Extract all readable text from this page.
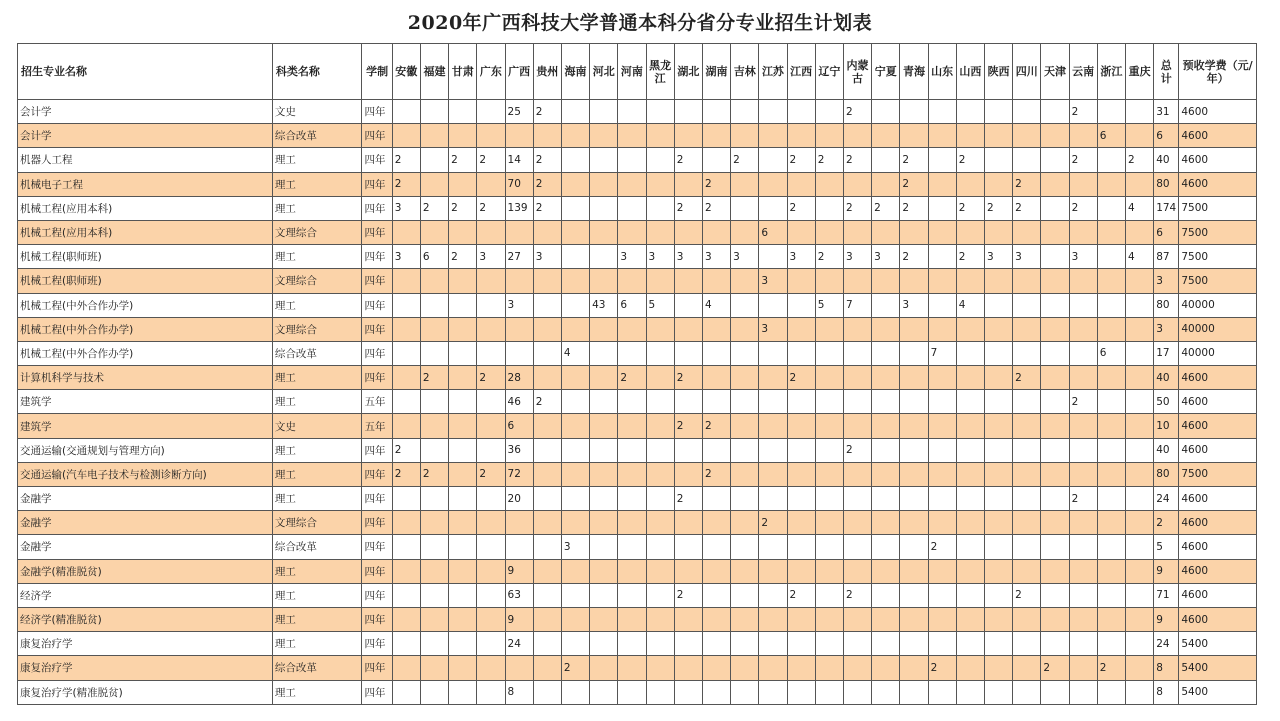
2020年广西科技大学普通本科分省分专业招生计划表
招生专业名称	科类名称	学制	安徽	福建	甘肃	广东	广西	贵州	海南	河北	河南	黑龙江	湖北	湖南	吉林	江苏	江西	辽宁	内蒙古	宁夏	青海	山东	山西	陕西	四川	天津	云南	浙江	重庆	总计	预收学费（元/年）
会计学	文史	四年					25	2											2								2			31	4600
会计学	综合改革	四年																										6		6	4600
机器人工程	理工	四年	2		2	2	14	2					2		2		2	2	2		2		2				2		2	40	4600
机械电子工程	理工	四年	2				70	2						2							2				2					80	4600
机械工程(应用本科)	理工	四年	3	2	2	2	139	2					2	2			2		2	2	2		2	2	2		2		4	174	7500
机械工程(应用本科)	文理综合	四年														6														6	7500
机械工程(职师班)	理工	四年	3	6	2	3	27	3			3	3	3	3	3		3	2	3	3	2		2	3	3		3		4	87	7500
机械工程(职师班)	文理综合	四年														3														3	7500
机械工程(中外合作办学)	理工	四年					3			43	6	5		4				5	7		3		4							80	40000
机械工程(中外合作办学)	文理综合	四年														3														3	40000
机械工程(中外合作办学)	综合改革	四年							4													7						6		17	40000
计算机科学与技术	理工	四年		2		2	28				2		2				2								2					40	4600
建筑学	理工	五年					46	2																			2			50	4600
建筑学	文史	五年					6						2	2																10	4600
交通运输(交通规划与管理方向)	理工	四年	2				36												2											40	4600
交通运输(汽车电子技术与检测诊断方向)	理工	四年	2	2		2	72							2																80	7500
金融学	理工	四年					20						2														2			24	4600
金融学	文理综合	四年														2														2	4600
金融学	综合改革	四年							3													2								5	4600
金融学(精准脱贫)	理工	四年					9																							9	4600
经济学	理工	四年					63						2				2		2						2					71	4600
经济学(精准脱贫)	理工	四年					9																							9	4600
康复治疗学	理工	四年					24																							24	5400
康复治疗学	综合改革	四年							2													2				2		2		8	5400
康复治疗学(精准脱贫)	理工	四年					8																							8	5400
